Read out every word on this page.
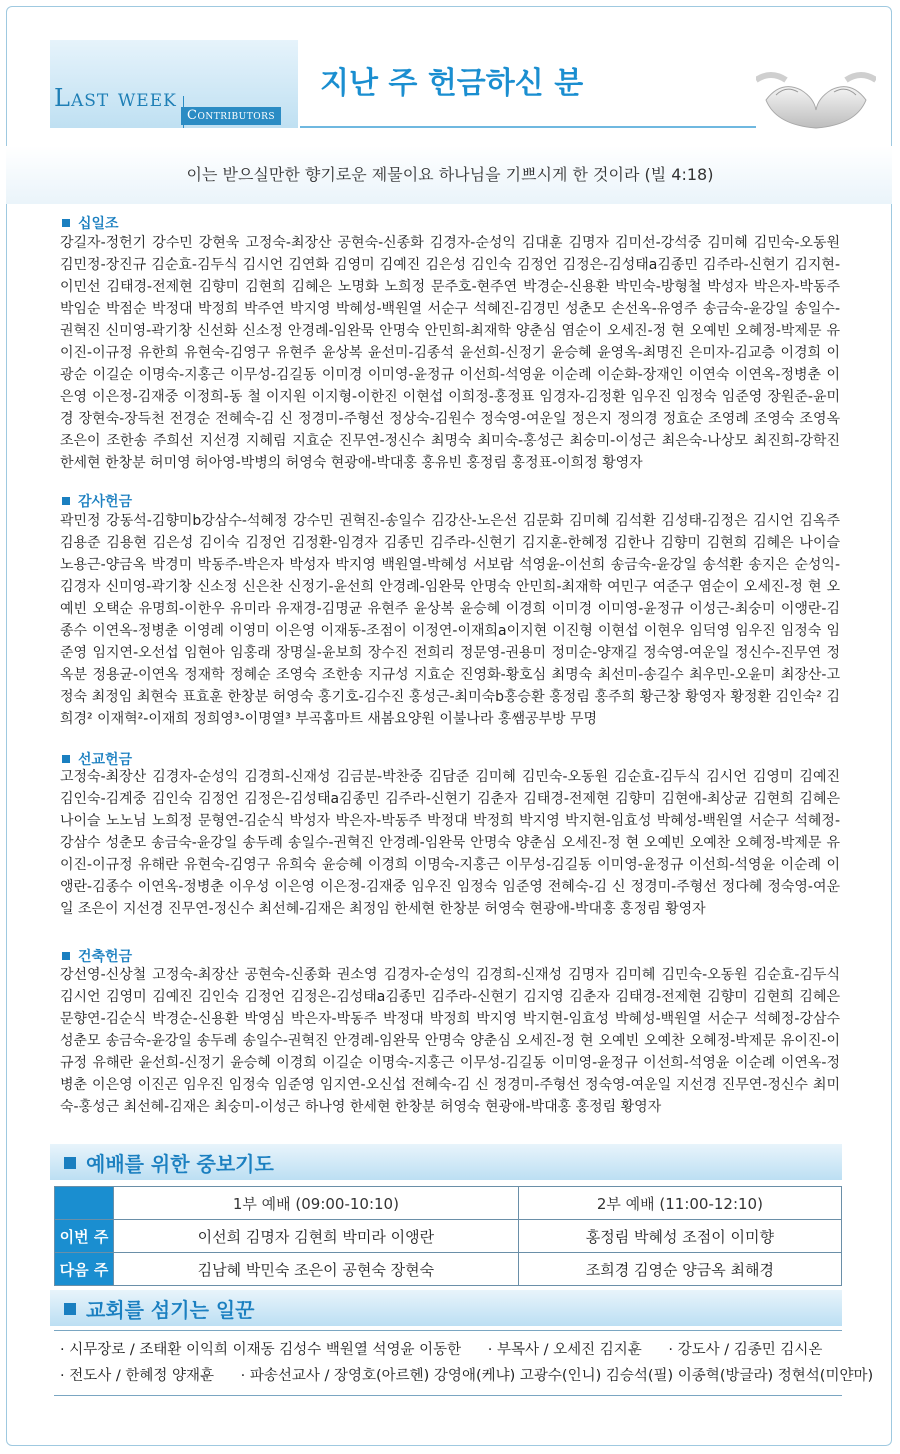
Last week
Contributors
지난 주 헌금하신 분
이는 받으실만한 향기로운 제물이요 하나님을 기쁘시게 한 것이라 (빌 4:18)
십일조

강길자-정헌기 강수민 강현욱 고정숙-최장산 공현숙-신종화 김경자-순성익 김대훈 김명자 김미선-강석중 김미혜 김민숙-오동원 김민정-장진규 김순효-김두식 김시언 김연화 김영미 김예진 김은성 김인숙 김정언 김정은-김성태a김종민 김주라-신현기 김지현-이민선 김태경-전제현 김향미 김현희 김혜은 노명화 노희정 문주호-현주연 박경순-신용환 박민숙-방형철 박성자 박은자-박동주 박임순 박점순 박정대 박정희 박주연 박지영 박혜성-백원열 서순구 석혜진-김경민 성춘모 손선옥-유영주 송금숙-윤강일 송일수-권혁진 신미영-곽기창 신선화 신소정 안경례-임완묵 안명숙 안민희-최재학 양춘심 염순이 오세진-정 현 오예빈 오혜정-박제문 유이진-이규정 유한희 유현숙-김영구 유현주 윤상복 윤선미-김종석 윤선희-신정기 윤승혜 윤영옥-최명진 은미자-김교층 이경희 이광순 이길순 이명숙-지홍근 이무성-김길동 이미경 이미영-윤정규 이선희-석영윤 이순례 이순화-장재인 이연숙 이연옥-정병춘 이은영 이은정-김재중 이정희-동 철 이지원 이지형-이한진 이현섭 이희정-홍정표 임경자-김정환 임우진 임정숙 임준영 장원준-윤미경 장현숙-장득천 전경순 전혜숙-김 신 정경미-주형선 정상숙-김원수 정숙영-여운일 정은지 정의경 정효순 조영례 조영숙 조영옥 조은이 조한송 주희선 지선경 지혜림 지효순 진무연-정신수 최명숙 최미숙-홍성근 최숭미-이성근 최은숙-나상모 최진희-강학진 한세현 한창분 허미영 허아영-박병의 허영숙 현광애-박대홍 홍유빈 홍정림 홍정표-이희정 황영자

감사헌금

곽민정 강동석-김향미b강삼수-석혜정 강수민 권혁진-송일수 김강산-노은선 김문화 김미혜 김석환 김성태-김정은 김시언 김옥주 김용준 김용현 김은성 김이숙 김정언 김정환-임경자 김종민 김주라-신현기 김지훈-한혜정 김한나 김향미 김현희 김혜은 나이슬 노용근-양금옥 박경미 박동주-박은자 박성자 박지영 백원열-박혜성 서보람 석영윤-이선희 송금숙-윤강일 송석환 송지은 순성익-김경자 신미영-곽기창 신소정 신은찬 신정기-윤선희 안경례-임완묵 안명숙 안민희-최재학 여민구 여준구 염순이 오세진-정 현 오예빈 오택순 유명희-이한우 유미라 유재경-김명균 유현주 윤상복 윤승혜 이경희 이미경 이미영-윤정규 이성근-최숭미 이앵란-김종수 이연옥-정병춘 이영례 이영미 이은영 이재동-조점이 이정연-이재희a이지현 이진형 이현섭 이현우 임덕영 임우진 임정숙 임준영 임지연-오선섭 임현아 임홍래 장명실-윤보희 장수진 전희리 정문영-권용미 정미순-양재길 정숙영-여운일 정신수-진무연 정옥분 정용균-이연옥 정재학 정혜순 조영숙 조한송 지규성 지효순 진영화-황호심 최명숙 최선미-송길수 최우민-오윤미 최장산-고정숙 최정임 최현숙 표효훈 한창분 허영숙 홍기호-김수진 홍성근-최미숙b홍승환 홍정림 홍주희 황근창 황영자 황정환 김인숙² 김희경² 이재혁²-이재희 정희영³-이명열³ 부곡홈마트 새봄요양원 이불나라 홍쌤공부방 무명

선교헌금

고정숙-최장산 김경자-순성익 김경희-신재성 김금분-박찬중 김담준 김미혜 김민숙-오동원 김순효-김두식 김시언 김영미 김예진 김인숙-김계중 김인숙 김정언 김정은-김성태a김종민 김주라-신현기 김춘자 김태경-전제현 김향미 김현애-최상균 김현희 김혜은 나이슬 노노님 노희정 문형연-김순식 박성자 박은자-박동주 박정대 박정희 박지영 박지현-임효성 박혜성-백원열 서순구 석혜정-강삼수 성춘모 송금숙-윤강일 송두례 송일수-권혁진 안경례-임완묵 안명숙 양춘심 오세진-정 현 오예빈 오예찬 오혜정-박제문 유이진-이규정 유해란 유현숙-김영구 유희숙 윤승혜 이경희 이명숙-지홍근 이무성-김길동 이미영-윤정규 이선희-석영윤 이순례 이앵란-김종수 이연옥-정병춘 이우성 이은영 이은정-김재중 임우진 임정숙 임준영 전혜숙-김 신 정경미-주형선 정다혜 정숙영-여운일 조은이 지선경 진무연-정신수 최선혜-김재은 최정임 한세현 한창분 허영숙 현광애-박대홍 홍정림 황영자

건축헌금

강선영-신상철 고정숙-최장산 공현숙-신종화 권소영 김경자-순성익 김경희-신재성 김명자 김미혜 김민숙-오동원 김순효-김두식 김시언 김영미 김예진 김인숙 김정언 김정은-김성태a김종민 김주라-신현기 김지영 김춘자 김태경-전제현 김향미 김현희 김혜은 문향연-김순식 박경순-신용환 박영심 박은자-박동주 박정대 박정희 박지영 박지현-임효성 박혜성-백원열 서순구 석혜정-강삼수 성춘모 송금숙-윤강일 송두례 송일수-권혁진 안경례-임완묵 안명숙 양춘심 오세진-정 현 오예빈 오예찬 오혜정-박제문 유이진-이규정 유해란 윤선희-신정기 윤승혜 이경희 이길순 이명숙-지홍근 이무성-김길동 이미영-윤정규 이선희-석영윤 이순례 이연옥-정병춘 이은영 이진곤 임우진 임정숙 임준영 임지연-오신섭 전혜숙-김 신 정경미-주형선 정숙영-여운일 지선경 진무연-정신수 최미숙-홍성근 최선혜-김재은 최숭미-이성근 하나영 한세현 한창분 허영숙 현광애-박대홍 홍정림 황영자

예배를 위한 중보기도
	1부 예배 (09:00-10:10)	2부 예배 (11:00-12:10)
이번 주	이선희 김명자 김현희 박미라 이앵란	홍정림 박혜성 조점이 이미향
다음 주	김남혜 박민숙 조은이 공현숙 장현숙	조희경 김영순 양금옥 최해경
교회를 섬기는 일꾼
· 시무장로 / 조태환 이익희 이재동 김성수 백원열 석영윤 이동한 · 부목사 / 오세진 김지훈 · 강도사 / 김종민 김시온
· 전도사 / 한혜정 양재훈 · 파송선교사 / 장영호(아르헨) 강영애(케냐) 고광수(인니) 김승석(필) 이종혁(방글라) 정현석(미얀마)
